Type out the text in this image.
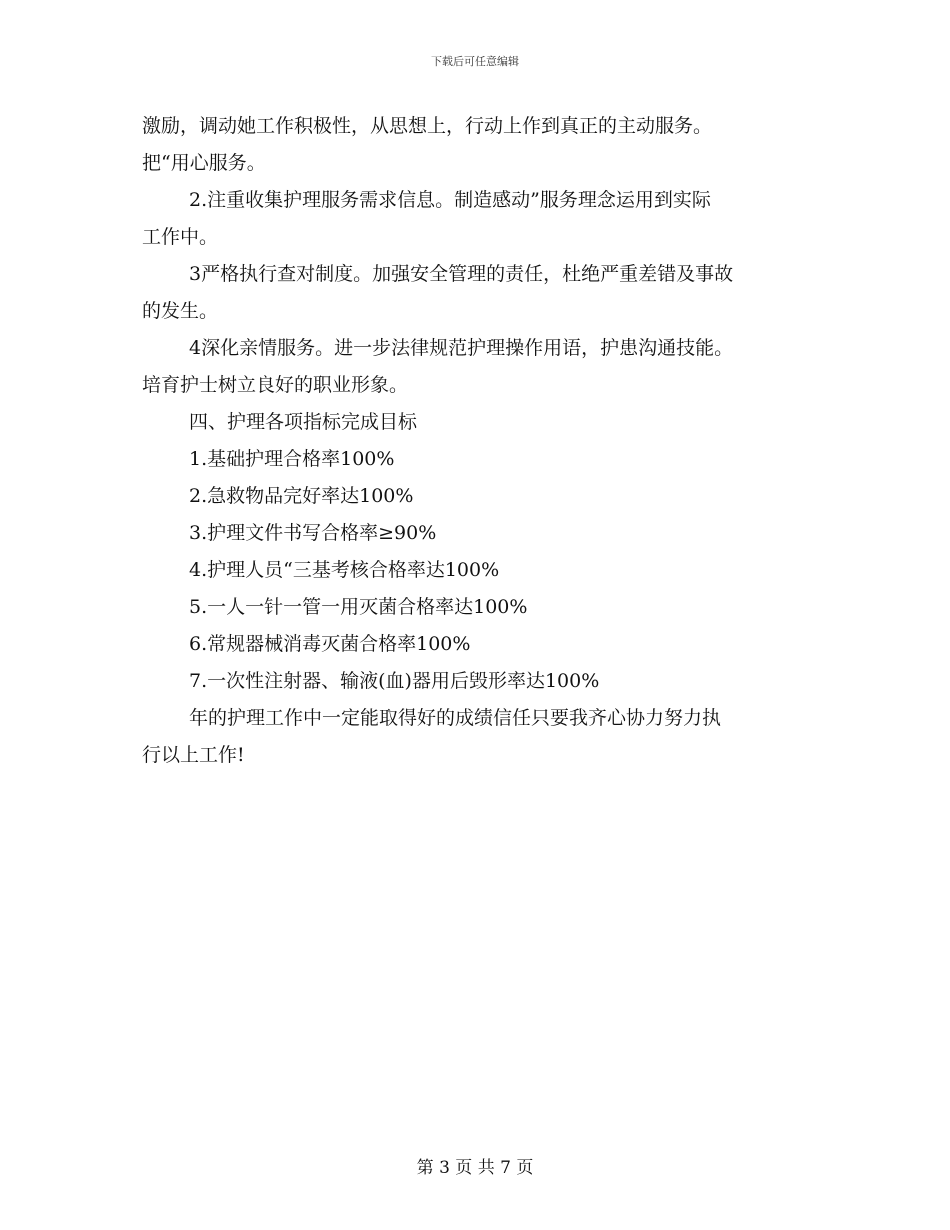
下载后可任意编辑
激励，调动她工作积极性，从思想上，行动上作到真正的主动服务。
把“用心服务。
2.注重收集护理服务需求信息。制造感动”服务理念运用到实际
工作中。
3严格执行查对制度。加强安全管理的责任，杜绝严重差错及事故
的发生。
4深化亲情服务。进一步法律规范护理操作用语，护患沟通技能。
培育护士树立良好的职业形象。
四、护理各项指标完成目标
1.基础护理合格率100%
2.急救物品完好率达100%
3.护理文件书写合格率≥90%
4.护理人员“三基考核合格率达100%
5.一人一针一管一用灭菌合格率达100%
6.常规器械消毒灭菌合格率100%
7.一次性注射器、输液(血)器用后毁形率达100%
年的护理工作中一定能取得好的成绩信任只要我齐心协力努力执
行以上工作!
第 3 页 共 7 页
